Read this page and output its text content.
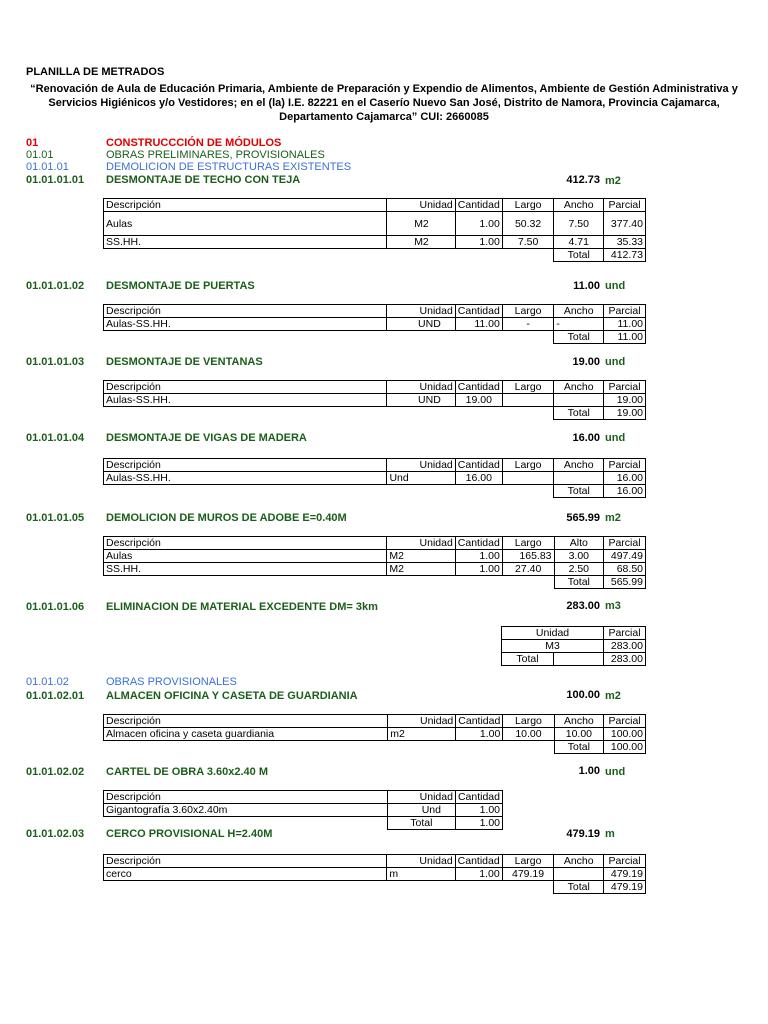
PLANILLA DE METRADOS
“Renovación de Aula de Educación Primaria, Ambiente de Preparación y Expendio de Alimentos, Ambiente de Gestión Administrativa y Servicios Higiénicos y/o Vestidores; en el (la) I.E. 82221 en el Caserío Nuevo San José, Distrito de Namora, Provincia Cajamarca, Departamento Cajamarca” CUI: 2660085
01	CONSTRUCCCIÓN DE MÓDULOS
01.01	OBRAS PRELIMINARES, PROVISIONALES
01.01.01	DEMOLICION DE ESTRUCTURAS EXISTENTES
01.01.01.01 DESMONTAJE DE TECHO CON TEJA	412.73 m2
Descripción	Unidad	Cantidad	Largo	Ancho	Parcial
Aulas	M2	1.00	50.32	7.50	377.40
SS.HH.	M2	1.00	7.50	4.71	35.33
				Total	412.73
01.01.01.02 DESMONTAJE DE PUERTAS	11.00 und
Descripción	Unidad	Cantidad	Largo	Ancho	Parcial
Aulas-SS.HH.	UND	11.00	-	-	11.00
				Total	11.00
01.01.01.03 DESMONTAJE DE VENTANAS	19.00 und
Descripción	Unidad	Cantidad	Largo	Ancho	Parcial
Aulas-SS.HH.	UND	19.00			19.00
				Total	19.00
01.01.01.04 DESMONTAJE DE VIGAS DE MADERA	16.00 und
Descripción	Unidad	Cantidad	Largo	Ancho	Parcial
Aulas-SS.HH.	Und	16.00			16.00
				Total	16.00
01.01.01.05 DEMOLICION DE MUROS DE ADOBE E=0.40M	565.99 m2
Descripción	Unidad	Cantidad	Largo	Alto	Parcial
Aulas	M2	1.00	165.83	3.00	497.49
SS.HH.	M2	1.00	27.40	2.50	68.50
				Total	565.99
01.01.01.06 ELIMINACION DE MATERIAL EXCEDENTE DM= 3km	283.00 m3
Unidad		Parcial
M3		283.00
Total		283.00
01.01.02	OBRAS PROVISIONALES
01.01.02.01 ALMACEN OFICINA Y CASETA DE GUARDIANIA	100.00 m2
Descripción	Unidad	Cantidad	Largo	Ancho	Parcial
Almacen oficina y caseta guardiania	m2	1.00	10.00	10.00	100.00
				Total	100.00
01.01.02.02 CARTEL DE OBRA 3.60x2.40 M	1.00 und
Descripción	Unidad	Cantidad
Gigantografía 3.60x2.40m	Und	1.00
	Total	1.00
01.01.02.03 CERCO PROVISIONAL H=2.40M	479.19 m
Descripción	Unidad	Cantidad	Largo	Ancho	Parcial
cerco	m	1.00	479.19		479.19
				Total	479.19
